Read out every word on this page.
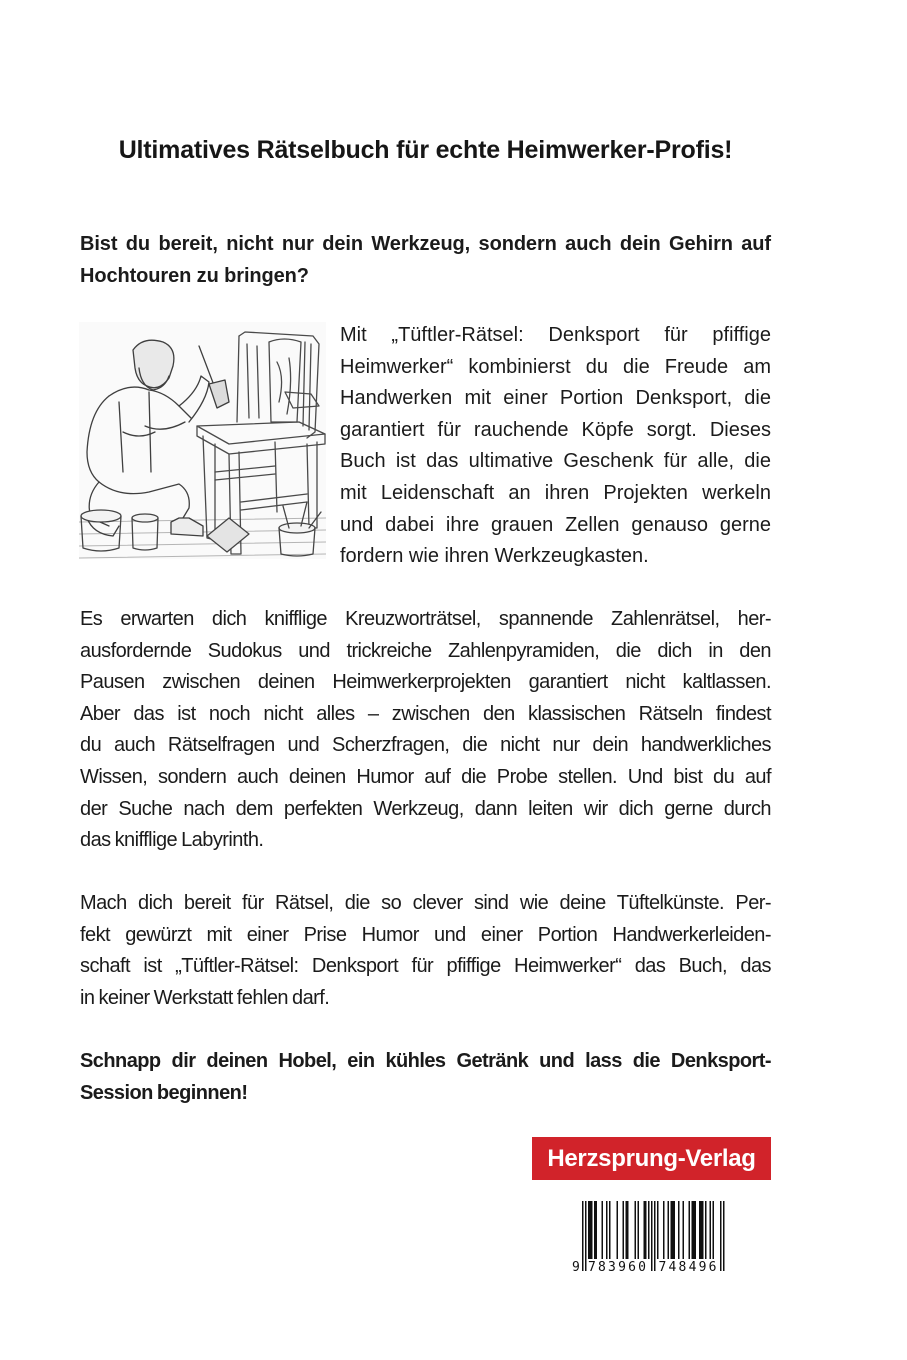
Ultimatives Rätselbuch für echte Heimwerker-Profis!

Bist du bereit, nicht nur dein Werkzeug, sondern auch dein Gehirn auf
Hochtouren zu bringen?

Mit „Tüftler-Rätsel: Denksport für pfiffige
Heimwerker“ kombinierst du die Freude am
Handwerken mit einer Portion Denksport, die
garantiert für rauchende Köpfe sorgt. Dieses
Buch ist das ultimative Geschenk für alle, die
mit Leidenschaft an ihren Projekten werkeln
und dabei ihre grauen Zellen genauso gerne
fordern wie ihren Werkzeugkasten.

Es erwarten dich knifflige Kreuzworträtsel, spannende Zahlenrätsel, her-
ausfordernde Sudokus und trickreiche Zahlenpyramiden, die dich in den
Pausen zwischen deinen Heimwerkerprojekten garantiert nicht kaltlassen.
Aber das ist noch nicht alles – zwischen den klassischen Rätseln findest
du auch Rätselfragen und Scherzfragen, die nicht nur dein handwerkliches
Wissen, sondern auch deinen Humor auf die Probe stellen. Und bist du auf
der Suche nach dem perfekten Werkzeug, dann leiten wir dich gerne durch
das knifflige Labyrinth.

Mach dich bereit für Rätsel, die so clever sind wie deine Tüftelkünste. Per-
fekt gewürzt mit einer Prise Humor und einer Portion Handwerkerleiden-
schaft ist „Tüftler-Rätsel: Denksport für pfiffige Heimwerker“ das Buch, das
in keiner Werkstatt fehlen darf.

Schnapp dir deinen Hobel, ein kühles Getränk und lass die Denksport-
Session beginnen!

Herzsprung-Verlag
9 783960 748496
